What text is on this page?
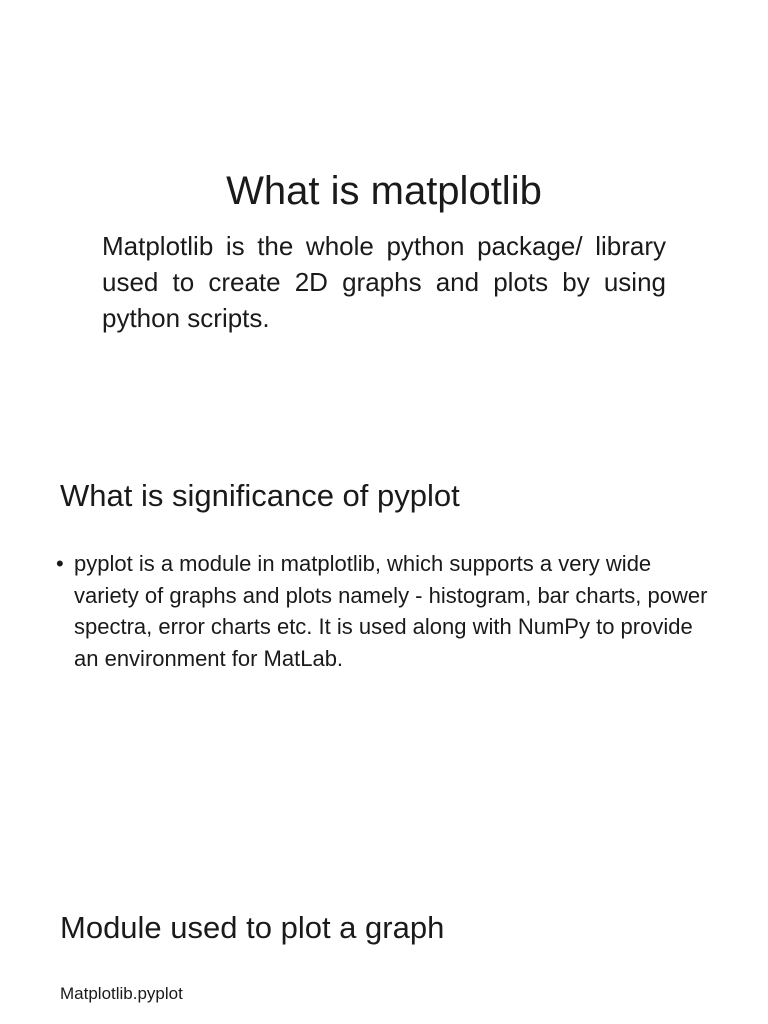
What is matplotlib

Matplotlib is the whole python package/ library used to create 2D graphs and plots by using python scripts.

What is significance of pyplot
• pyplot is a module in matplotlib, which supports a very wide variety of graphs and plots namely - histogram, bar charts, power spectra, error charts etc. It is used along with NumPy to provide an environment for MatLab.
Module used to plot a graph

Matplotlib.pyplot
